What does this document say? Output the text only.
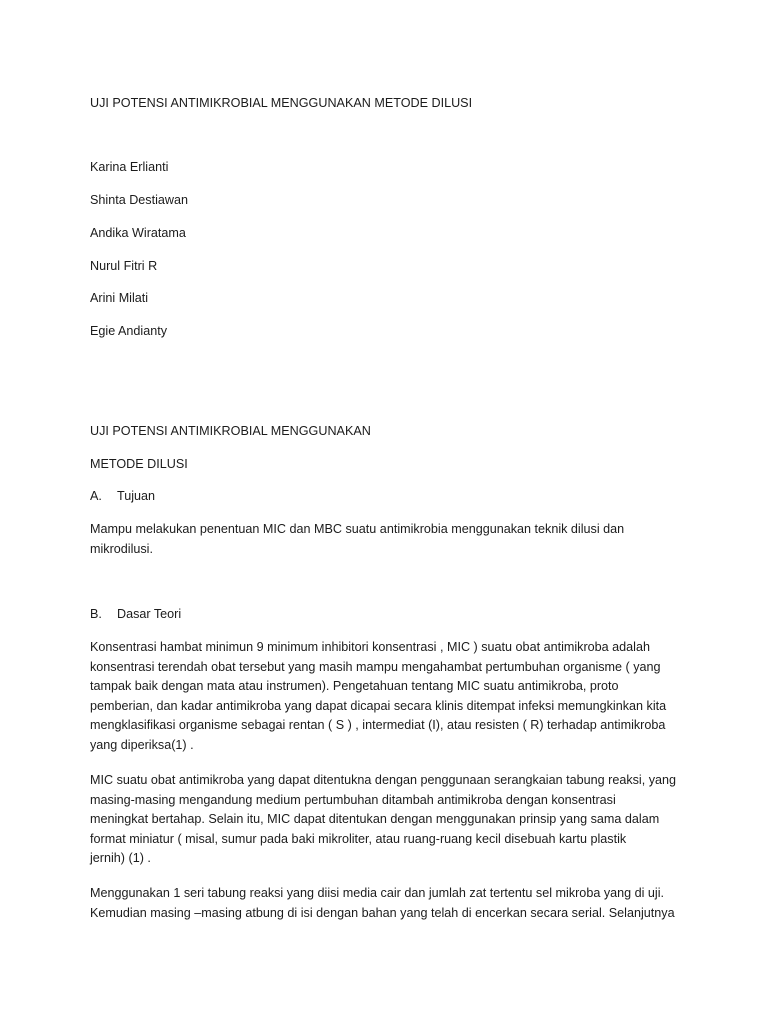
UJI POTENSI ANTIMIKROBIAL MENGGUNAKAN METODE DILUSI
Karina Erlianti
Shinta Destiawan
Andika Wiratama
Nurul Fitri R
Arini Milati
Egie Andianty
UJI POTENSI ANTIMIKROBIAL MENGGUNAKAN
METODE DILUSI
A. Tujuan
Mampu melakukan penentuan MIC dan MBC suatu antimikrobia menggunakan teknik dilusi dan
mikrodilusi.
B. Dasar Teori
Konsentrasi hambat minimun 9 minimum inhibitori konsentrasi , MIC ) suatu obat antimikroba adalah
konsentrasi terendah obat tersebut yang masih mampu mengahambat pertumbuhan organisme ( yang
tampak baik dengan mata atau instrumen). Pengetahuan tentang MIC suatu antimikroba, proto
pemberian, dan kadar antimikroba yang dapat dicapai secara klinis ditempat infeksi memungkinkan kita
mengklasifikasi organisme sebagai rentan ( S ) , intermediat (I), atau resisten ( R) terhadap antimikroba
yang diperiksa(1) .
MIC suatu obat antimikroba yang dapat ditentukna dengan penggunaan serangkaian tabung reaksi, yang
masing-masing mengandung medium pertumbuhan ditambah antimikroba dengan konsentrasi
meningkat bertahap. Selain itu, MIC dapat ditentukan dengan menggunakan prinsip yang sama dalam
format miniatur ( misal, sumur pada baki mikroliter, atau ruang-ruang kecil disebuah kartu plastik
jernih) (1) .
Menggunakan 1 seri tabung reaksi yang diisi media cair dan jumlah zat tertentu sel mikroba yang di uji.
Kemudian masing –masing atbung di isi dengan bahan yang telah di encerkan secara serial. Selanjutnya
